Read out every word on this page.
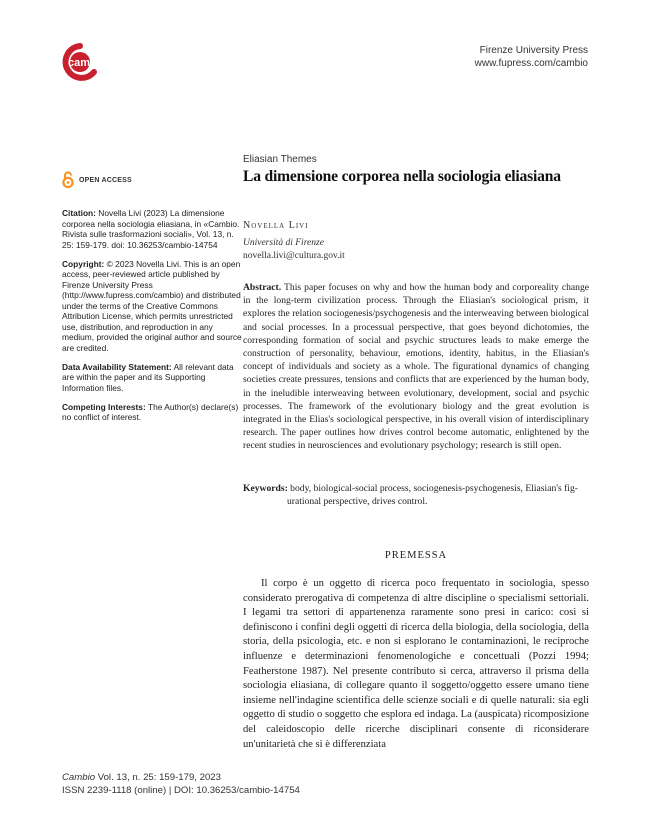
cambio
Firenze University Press
www.fupress.com/cambio
OPEN ACCESS

Citation: Novella Livi (2023) La dimensione corporea nella sociologia eliasiana, in «Cambio. Rivista sulle trasformazioni sociali», Vol. 13, n. 25: 159-179. doi: 10.36253/cambio-14754

Copyright: © 2023 Novella Livi. This is an open access, peer-reviewed article published by Firenze University Press (http://www.fupress.com/cambio) and distributed under the terms of the Creative Commons Attribution License, which permits unrestricted use, distribution, and reproduction in any medium, provided the original author and source are credited.

Data Availability Statement: All relevant data are within the paper and its Supporting Information files.

Competing Interests: The Author(s) declare(s) no conflict of interest.

Eliasian Themes
La dimensione corporea nella sociologia eliasiana
Novella Livi
Università di Firenze
novella.livi@cultura.gov.it
Abstract. This paper focuses on why and how the human body and corporeality change in the long-term civilization process. Through the Eliasian's sociological prism, it explores the relation sociogenesis/psychogenesis and the interweaving between biological and social processes. In a processual perspective, that goes beyond dichotomies, the corresponding formation of social and psychic structures leads to make emerge the construction of personality, behaviour, emotions, identity, habitus, in the Eliasian's concept of individuals and society as a whole. The figurational dynamics of changing societies create pressures, tensions and conflicts that are experienced by the human body, in the ineludible interweaving between evolutionary, development, social and psychic processes. The framework of the evolutionary biology and the great evolution is integrated in the Elias's sociological perspective, in his overall vision of interdisciplinary research. The paper outlines how drives control become automatic, enlightened by the recent studies in neurosciences and evolutionary psychology; research is still open.
Keywords: body, biological-social process, sociogenesis-psychogenesis, Eliasian's fig-
urational perspective, drives control.
PREMESSA

Il corpo è un oggetto di ricerca poco frequentato in sociologia, spesso considerato prerogativa di competenza di altre discipline o specialismi settoriali. I legami tra settori di appartenenza raramente sono presi in carico: così si definiscono i confini degli oggetti di ricerca della biologia, della sociologia, della storia, della psicologia, etc. e non si esplorano le contaminazioni, le reciproche influenze e determinazioni fenomenologiche e concettuali (Pozzi 1994; Featherstone 1987). Nel presente contributo si cerca, attraverso il prisma della sociologia eliasiana, di collegare quanto il soggetto/oggetto essere umano tiene insieme nell'indagine scientifica delle scienze sociali e di quelle naturali: sia egli oggetto di studio o soggetto che esplora ed indaga. La (auspicata) ricomposizione del caleidoscopio delle ricerche disciplinari consente di riconsiderare un'unitarietà che si è differenziata

Cambio Vol. 13, n. 25: 159-179, 2023
ISSN 2239-1118 (online) | DOI: 10.36253/cambio-14754
